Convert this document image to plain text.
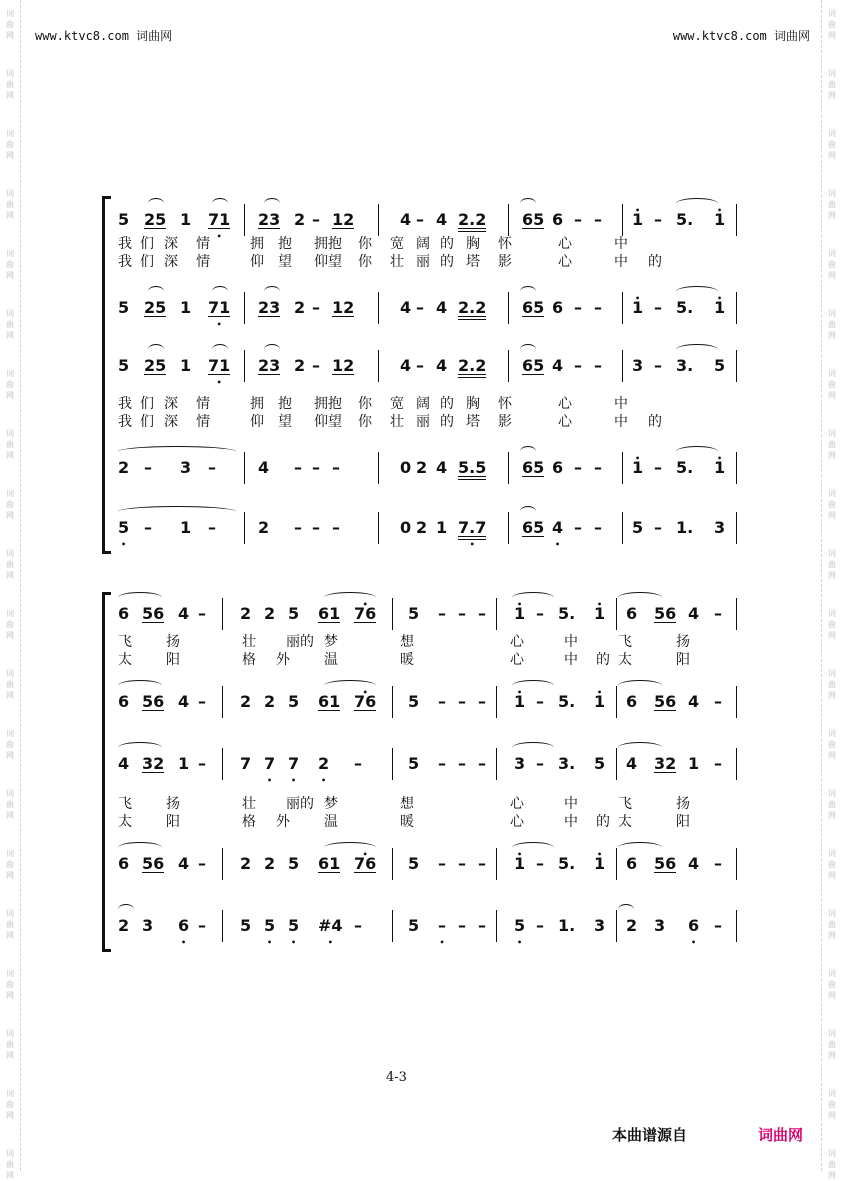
词
曲
网
词
曲
网
词
曲
网
词
曲
网
词
曲
网
词
曲
网
词
曲
网
词
曲
网
词
曲
网
词
曲
网
词
曲
网
词
曲
网
词
曲
网
词
曲
网
词
曲
网
词
曲
网
词
曲
网
词
曲
网
词
曲
网
词
曲
网
词
曲
网
词
曲
网
词
曲
网
词
曲
网
词
曲
网
词
曲
网
词
曲
网
词
曲
网
词
曲
网
词
曲
网
词
曲
网
词
曲
网
词
曲
网
词
曲
网
词
曲
网
词
曲
网
词
曲
网
词
曲
网
词
曲
网
词
曲
网
www.ktvc8.com 词曲网	www.ktvc8.com 词曲网
5 25 1 71 • 23 2 – 12	4 – 4 2.2 65 6 – – • 1 – 5. • 1
5 25 1 71 • 23 2 – 12	4 – 4 2.2 65 6 – – • 1 – 5. • 1
5 25 1 71 • 23 2 – 12	4 – 4 2.2 65 4 – – 3 – 3. 5
2 – 3 –	4 – – –	0 2 4 5.5 65 6 – – • 1 – 5. • 1
5 • – 1 –	2 – – –	0 2 1 7.7 • 65 4 • – – 5 – 1. 3
我 们 深 情	拥 抱 拥抱 你 宽 阔 的 胸 怀	心	中
我 们 深 情	仰 望 仰望 你 壮 丽 的 塔 影	心	中 的
我 们 深 情	拥 抱 拥抱 你 宽 阔 的 胸 怀	心	中
我 们 深 情	仰 望 仰望 你 壮 丽 的 塔 影	心	中 的
6 56 4 – 2 2 5 61 • 76 5 – – – • 1 – 5. • 1 6 56 4 –
6 56 4 – 2 2 5 61 • 76 5 – – – • 1 – 5. • 1 6 56 4 –
4 32 1 – 7 7 • 7 • 2 • –	5 – – – 3 – 3. 5 4 32 1 –
6 56 4 – 2 2 5 61 • 76 5 – – – • 1 – 5. • 1 6 56 4 –
2 3 6 • – 5 5 • 5 • #4 • –	5 – • – – 5 • – 1. 3 2 3 6 • –
飞 扬	壮 丽的 梦	想	心	中	飞	扬
太 阳	格 外 温	暖	心	中 的 太	阳
飞 扬	壮 丽的 梦	想	心	中	飞	扬
太 阳	格 外 温	暖	心	中 的 太	阳
4-3
本曲谱源自	词曲网
